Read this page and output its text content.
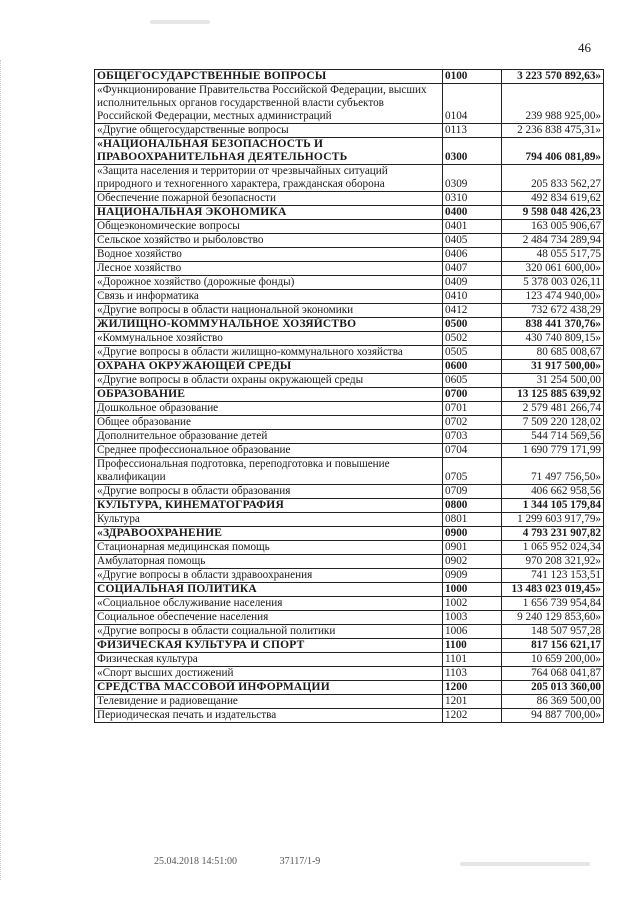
46
ОБЩЕГОСУДАРСТВЕННЫЕ ВОПРОСЫ	0100	3 223 570 892,63»
«Функционирование Правительства Российской Федерации, высших исполнительных органов государственной власти субъектов Российской Федерации, местных администраций	0104	239 988 925,00»
«Другие общегосударственные вопросы	0113	2 236 838 475,31»
«НАЦИОНАЛЬНАЯ БЕЗОПАСНОСТЬ И ПРАВООХРАНИТЕЛЬНАЯ ДЕЯТЕЛЬНОСТЬ	0300	794 406 081,89»
«Защита населения и территории от чрезвычайных ситуаций природного и техногенного характера, гражданская оборона	0309	205 833 562,27
Обеспечение пожарной безопасности	0310	492 834 619,62
НАЦИОНАЛЬНАЯ ЭКОНОМИКА	0400	9 598 048 426,23
Общеэкономические вопросы	0401	163 005 906,67
Сельское хозяйство и рыболовство	0405	2 484 734 289,94
Водное хозяйство	0406	48 055 517,75
Лесное хозяйство	0407	320 061 600,00»
«Дорожное хозяйство (дорожные фонды)	0409	5 378 003 026,11
Связь и информатика	0410	123 474 940,00»
«Другие вопросы в области национальной экономики	0412	732 672 438,29
ЖИЛИЩНО-КОММУНАЛЬНОЕ ХОЗЯЙСТВО	0500	838 441 370,76»
«Коммунальное хозяйство	0502	430 740 809,15»
«Другие вопросы в области жилищно-коммунального хозяйства	0505	80 685 008,67
ОХРАНА ОКРУЖАЮЩЕЙ СРЕДЫ	0600	31 917 500,00»
«Другие вопросы в области охраны окружающей среды	0605	31 254 500,00
ОБРАЗОВАНИЕ	0700	13 125 885 639,92
Дошкольное образование	0701	2 579 481 266,74
Общее образование	0702	7 509 220 128,02
Дополнительное образование детей	0703	544 714 569,56
Среднее профессиональное образование	0704	1 690 779 171,99
Профессиональная подготовка, переподготовка и повышение квалификации	0705	71 497 756,50»
«Другие вопросы в области образования	0709	406 662 958,56
КУЛЬТУРА, КИНЕМАТОГРАФИЯ	0800	1 344 105 179,84
Культура	0801	1 299 603 917,79»
«ЗДРАВООХРАНЕНИЕ	0900	4 793 231 907,82
Стационарная медицинская помощь	0901	1 065 952 024,34
Амбулаторная помощь	0902	970 208 321,92»
«Другие вопросы в области здравоохранения	0909	741 123 153,51
СОЦИАЛЬНАЯ ПОЛИТИКА	1000	13 483 023 019,45»
«Социальное обслуживание населения	1002	1 656 739 954,84
Социальное обеспечение населения	1003	9 240 129 853,60»
«Другие вопросы в области социальной политики	1006	148 507 957,28
ФИЗИЧЕСКАЯ КУЛЬТУРА И СПОРТ	1100	817 156 621,17
Физическая культура	1101	10 659 200,00»
«Спорт высших достижений	1103	764 068 041,87
СРЕДСТВА МАССОВОЙ ИНФОРМАЦИИ	1200	205 013 360,00
Телевидение и радиовещание	1201	86 369 500,00
Периодическая печать и издательства	1202	94 887 700,00»
25.04.2018 14:51:00	37117/1-9
